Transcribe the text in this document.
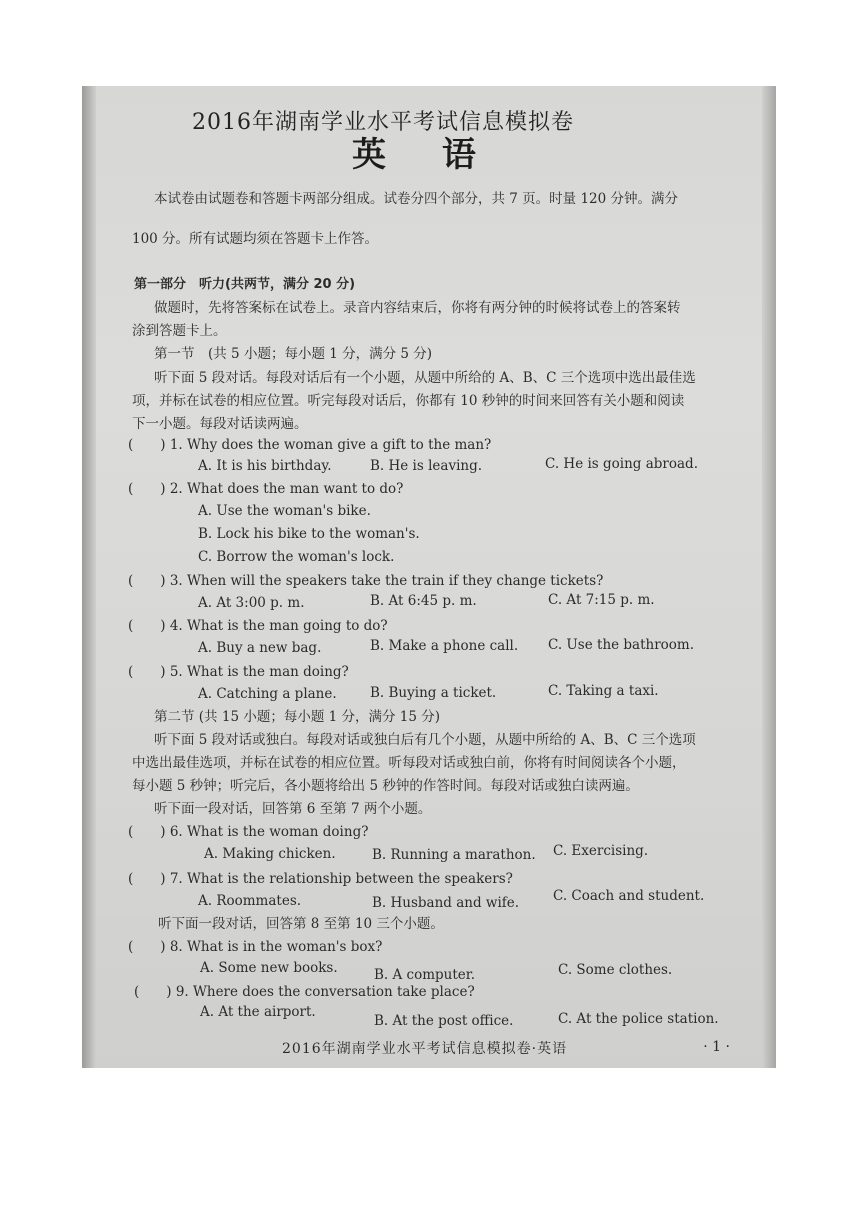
2016年湖南学业水平考试信息模拟卷
英 语
本试卷由试题卷和答题卡两部分组成。试卷分四个部分，共 7 页。时量 120 分钟。满分
100 分。所有试题均须在答题卡上作答。
第一部分　听力(共两节，满分 20 分)
做题时，先将答案标在试卷上。录音内容结束后，你将有两分钟的时候将试卷上的答案转
涂到答题卡上。
第一节　(共 5 小题；每小题 1 分，满分 5 分)
听下面 5 段对话。每段对话后有一个小题，从题中所给的 A、B、C 三个选项中选出最佳选
项，并标在试卷的相应位置。听完每段对话后，你都有 10 秒钟的时间来回答有关小题和阅读
下一小题。每段对话读两遍。
(　　) 1. Why does the woman give a gift to the man?
A. It is his birthday.	B. He is leaving.	C. He is going abroad.
(　　) 2. What does the man want to do?
A. Use the woman's bike.
B. Lock his bike to the woman's.
C. Borrow the woman's lock.
(　　) 3. When will the speakers take the train if they change tickets?
A. At 3:00 p. m.	B. At 6:45 p. m.	C. At 7:15 p. m.
(　　) 4. What is the man going to do?
A. Buy a new bag.	B. Make a phone call. C. Use the bathroom.
(　　) 5. What is the man doing?
A. Catching a plane. B. Buying a ticket.	C. Taking a taxi.
第二节 (共 15 小题；每小题 1 分，满分 15 分)
听下面 5 段对话或独白。每段对话或独白后有几个小题，从题中所给的 A、B、C 三个选项
中选出最佳选项，并标在试卷的相应位置。听每段对话或独白前，你将有时间阅读各个小题，
每小题 5 秒钟；听完后，各小题将给出 5 秒钟的作答时间。每段对话或独白读两遍。
听下面一段对话，回答第 6 至第 7 两个小题。
(　　) 6. What is the woman doing?
A. Making chicken.	B. Running a marathon. C. Exercising.
(　　) 7. What is the relationship between the speakers?
A. Roommates.	B. Husband and wife.	C. Coach and student.
听下面一段对话，回答第 8 至第 10 三个小题。
(　　) 8. What is in the woman's box?
A. Some new books.	B. A computer.	C. Some clothes.
(　　) 9. Where does the conversation take place?
A. At the airport.
B. At the post office.	C. At the police station.
2016年湖南学业水平考试信息模拟卷·英语	· 1 ·
